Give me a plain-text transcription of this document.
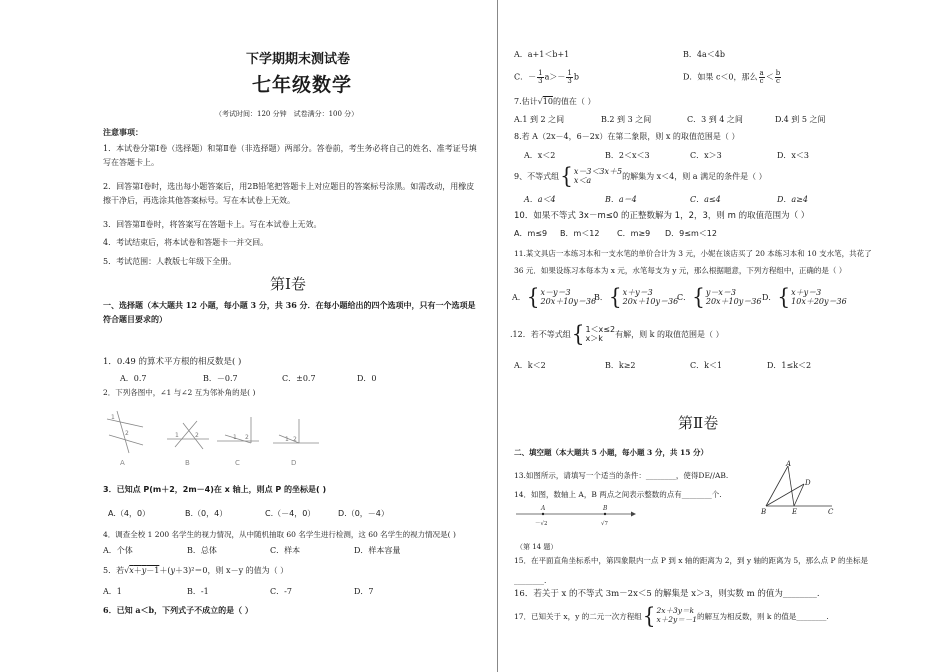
下学期期末测试卷
七年级数学
（考试时间：120 分钟　试卷满分：100 分）
注意事项：
1．本试卷分第Ⅰ卷（选择题）和第Ⅱ卷（非选择题）两部分。答卷前，考生务必将自己的姓名、准考证号填写在答题卡上。
2．回答第Ⅰ卷时，选出每小题答案后，用2B铅笔把答题卡上对应题目的答案标号涂黑。如需改动，用橡皮擦干净后，再选涂其他答案标号。写在本试卷上无效。
3．回答第Ⅱ卷时，将答案写在答题卡上。写在本试卷上无效。
4．考试结束后，将本试卷和答题卡一并交回。
5．考试范围：人教版七年级下全册。
第Ⅰ卷
一、选择题（本大题共 12 小题，每小题 3 分，共 36 分．在每小题给出的四个选项中，只有一个选项是符合题目要求的）
1．0.49 的算术平方根的相反数是( )
A．0.7	B．－0.7	C．±0.7	D．0
2．下列各图中，∠1 与∠2 互为邻补角的是( )
1
2	1	2	1 2	1 2
A	B	C	D
3．已知点 P(m＋2，2m－4)在 x 轴上，则点 P 的坐标是( )
A.（4，0）	B.（0，4）	C.（－4，0）	D.（0，－4）
4．调查全校 1 200 名学生的视力情况，从中随机抽取 60 名学生进行检测，这 60 名学生的视力情况是( )
A．个体	B．总体	C．样本	D．样本容量
5．若√x＋y－1＋(y＋3)²＝0，则 x－y 的值为（ ）
A．1	B．-1	C．-7	D．7
6．已知 a＜b，下列式子不成立的是（ ）
A．a+1＜b+1	B．4a＜4b
C．－ $\frac{1}{3} a>- \frac{1}{3}$ b	D．如果 c＜0，那么 $\frac{a}{c} < \frac{b}{c}$
7.估计√10的值在（ ）
A.1 到 2 之间	B.2 到 3 之间	C．3 到 4 之间	D.4 到 5 之间
8.若 A（2x－4，6－2x）在第二象限，则 x 的取值范围是（ ）
A．x＜2	B．2＜x＜3	C．x＞3	D．x＜3
9、不等式组 { x－3＜3x＋5
x＜a	的解集为 x＜4，则 a 满足的条件是（ ）
A．a＜4	B．a＝4	C．a≤4	D．a≥4
10．如果不等式 3x－m≤0 的正整数解为 1，2，3，则 m 的取值范围为（ ）
A．m≤9 B．m＜12 C．m≥9 D．9≤m＜12
11.某文具店一本练习本和一支水笔的单价合计为 3 元，小妮在该店买了 20 本练习本和 10 支水笔，共花了 36 元．如果设练习本每本为 x 元，水笔每支为 y 元，那么根据题意，下列方程组中，正确的是（ ）
A． { x－y＝3
20x＋10y＝36
B． { x＋y＝3
20x＋10y＝36
C． { y－x＝3
20x＋10y＝36 D． { x＋y＝3
10x＋20y＝36
.12．若不等式组 { 1＜x≤2
x＞k	有解，则 k 的取值范围是（ ）
A．k＜2	B．k≥2	C．k＜1	D．1≤k＜2
第Ⅱ卷
二、填空题（本大题共 5 小题，每小题 3 分，共 15 分）
13.如图所示，请填写一个适当的条件：________，使得DE//AB.
14．如图，数轴上 A，B 两点之间表示整数的点有________个.
A	B
－√2	√7
（第 14 题）
A
D
B	E	C
15．在平面直角坐标系中，第四象限内一点 P 到 x 轴的距离为 2，到 y 轴的距离为 5，那么点 P 的坐标是________.
16．若关于 x 的不等式 3m－2x＜5 的解集是 x＞3，则实数 m 的值为________.
17．已知关于 x，y 的二元一次方程组 { 2x＋3y＝k
x＋2y＝－1 的解互为相反数，则 k 的值是________.
